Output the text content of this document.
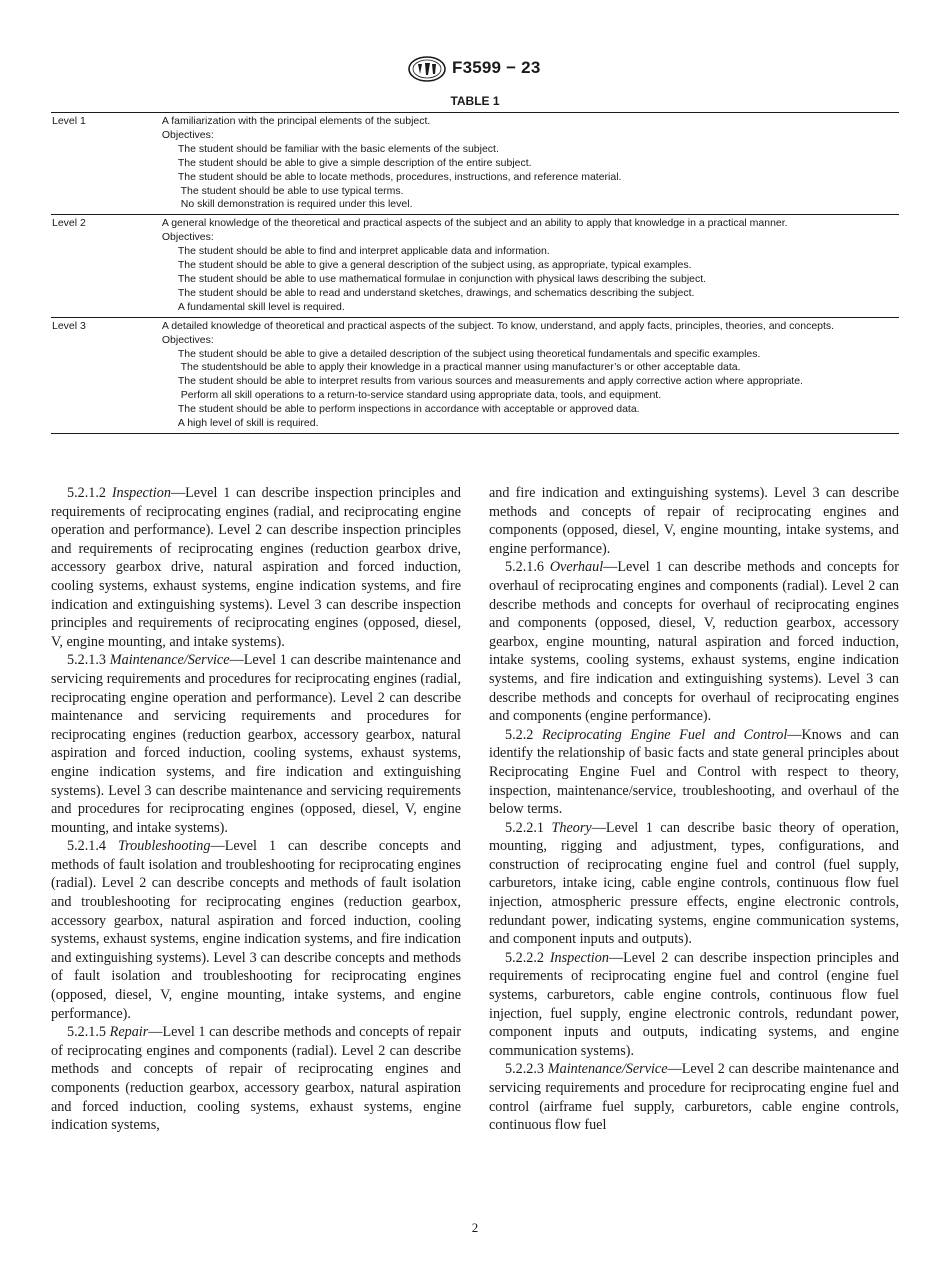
F3599 − 23
TABLE 1
Level 1	A familiarization with the principal elements of the subject.
Objectives:
The student should be familiar with the basic elements of the subject.
The student should be able to give a simple description of the entire subject.
The student should be able to locate methods, procedures, instructions, and reference material.
The student should be able to use typical terms.
No skill demonstration is required under this level.
Level 2	A general knowledge of the theoretical and practical aspects of the subject and an ability to apply that knowledge in a practical manner.
Objectives:
The student should be able to find and interpret applicable data and information.
The student should be able to give a general description of the subject using, as appropriate, typical examples.
The student should be able to use mathematical formulae in conjunction with physical laws describing the subject.
The student should be able to read and understand sketches, drawings, and schematics describing the subject.
A fundamental skill level is required.
Level 3	A detailed knowledge of theoretical and practical aspects of the subject. To know, understand, and apply facts, principles, theories, and concepts.
Objectives:
The student should be able to give a detailed description of the subject using theoretical fundamentals and specific examples.
The studentshould be able to apply their knowledge in a practical manner using manufacturer’s or other acceptable data.
The student should be able to interpret results from various sources and measurements and apply corrective action where appropriate.
Perform all skill operations to a return-to-service standard using appropriate data, tools, and equipment.
The student should be able to perform inspections in accordance with acceptable or approved data.
A high level of skill is required.

5.2.1.2 Inspection—Level 1 can describe inspection principles and requirements of reciprocating engines (radial, and reciprocating engine operation and performance). Level 2 can describe inspection principles and requirements of reciprocating engines (reduction gearbox drive, accessory gearbox drive, natural aspiration and forced induction, cooling systems, exhaust systems, engine indication systems, and fire indication and extinguishing systems). Level 3 can describe inspection principles and requirements of reciprocating engines (opposed, diesel, V, engine mounting, and intake systems).

5.2.1.3 Maintenance/Service—Level 1 can describe maintenance and servicing requirements and procedures for reciprocating engines (radial, reciprocating engine operation and performance). Level 2 can describe maintenance and servicing requirements and procedures for reciprocating engines (reduction gearbox, accessory gearbox, natural aspiration and forced induction, cooling systems, exhaust systems, engine indication systems, and fire indication and extinguishing systems). Level 3 can describe maintenance and servicing requirements and procedures for reciprocating engines (opposed, diesel, V, engine mounting, and intake systems).

5.2.1.4 Troubleshooting—Level 1 can describe concepts and methods of fault isolation and troubleshooting for reciprocating engines (radial). Level 2 can describe concepts and methods of fault isolation and troubleshooting for reciprocating engines (reduction gearbox, accessory gearbox, natural aspiration and forced induction, cooling systems, exhaust systems, engine indication systems, and fire indication and extinguishing systems). Level 3 can describe concepts and methods of fault isolation and troubleshooting for reciprocating engines (opposed, diesel, V, engine mounting, intake systems, and engine performance).

5.2.1.5 Repair—Level 1 can describe methods and concepts of repair of reciprocating engines and components (radial). Level 2 can describe methods and concepts of repair of reciprocating engines and components (reduction gearbox, accessory gearbox, natural aspiration and forced induction, cooling systems, exhaust systems, engine indication systems,

and fire indication and extinguishing systems). Level 3 can describe methods and concepts of repair of reciprocating engines and components (opposed, diesel, V, engine mounting, intake systems, and engine performance).

5.2.1.6 Overhaul—Level 1 can describe methods and concepts for overhaul of reciprocating engines and components (radial). Level 2 can describe methods and concepts for overhaul of reciprocating engines and components (opposed, diesel, V, reduction gearbox, accessory gearbox, engine mounting, natural aspiration and forced induction, intake systems, cooling systems, exhaust systems, engine indication systems, and fire indication and extinguishing systems). Level 3 can describe methods and concepts for overhaul of reciprocating engines and components (engine performance).

5.2.2 Reciprocating Engine Fuel and Control—Knows and can identify the relationship of basic facts and state general principles about Reciprocating Engine Fuel and Control with respect to theory, inspection, maintenance/service, troubleshooting, and overhaul of the below terms.

5.2.2.1 Theory—Level 1 can describe basic theory of operation, mounting, rigging and adjustment, types, configurations, and construction of reciprocating engine fuel and control (fuel supply, carburetors, intake icing, cable engine controls, continuous flow fuel injection, atmospheric pressure effects, engine electronic controls, redundant power, indicating systems, engine communication systems, and component inputs and outputs).

5.2.2.2 Inspection—Level 2 can describe inspection principles and requirements of reciprocating engine fuel and control (engine fuel systems, carburetors, cable engine controls, continuous flow fuel injection, fuel supply, engine electronic controls, redundant power, component inputs and outputs, indicating systems, and engine communication systems).

5.2.2.3 Maintenance/Service—Level 2 can describe maintenance and servicing requirements and procedure for reciprocating engine fuel and control (airframe fuel supply, carburetors, cable engine controls, continuous flow fuel

2
